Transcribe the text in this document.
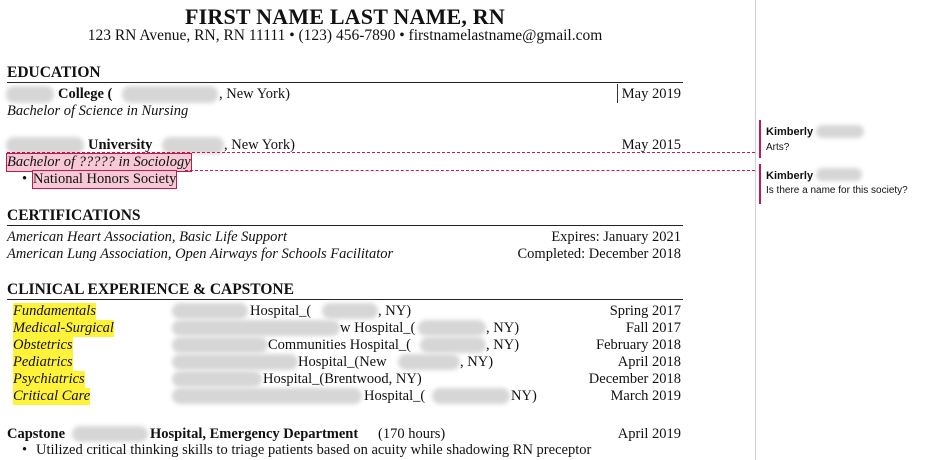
FIRST NAME LAST NAME, RN
123 RN Avenue, RN, RN 11111 • (123) 456-7890 • firstnamelastname@gmail.com
EDUCATION
College (	, New York)	May 2019
Bachelor of Science in Nursing
University	, New York)	May 2015
Bachelor of ????? in Sociology
• National Honors Society
CERTIFICATIONS
American Heart Association, Basic Life Support	Expires: January 2021
American Lung Association, Open Airways for Schools Facilitator	Completed: December 2018
CLINICAL EXPERIENCE & CAPSTONE
Fundamentals	Hospital_(	, NY)	Spring 2017
Medical-Surgical	w Hospital_(	, NY)	Fall 2017
Obstetrics	Communities Hospital_(	, NY)	February 2018
Pediatrics	Hospital_(New	, NY)	April 2018
Psychiatrics	Hospital_(Brentwood, NY)	December 2018
Critical Care	Hospital_(	NY)	March 2019
Capstone	Hospital, Emergency Department (170 hours)	April 2019
• Utilized critical thinking skills to triage patients based on acuity while shadowing RN preceptor
Kimberly
Arts?
Kimberly
Is there a name for this society?
